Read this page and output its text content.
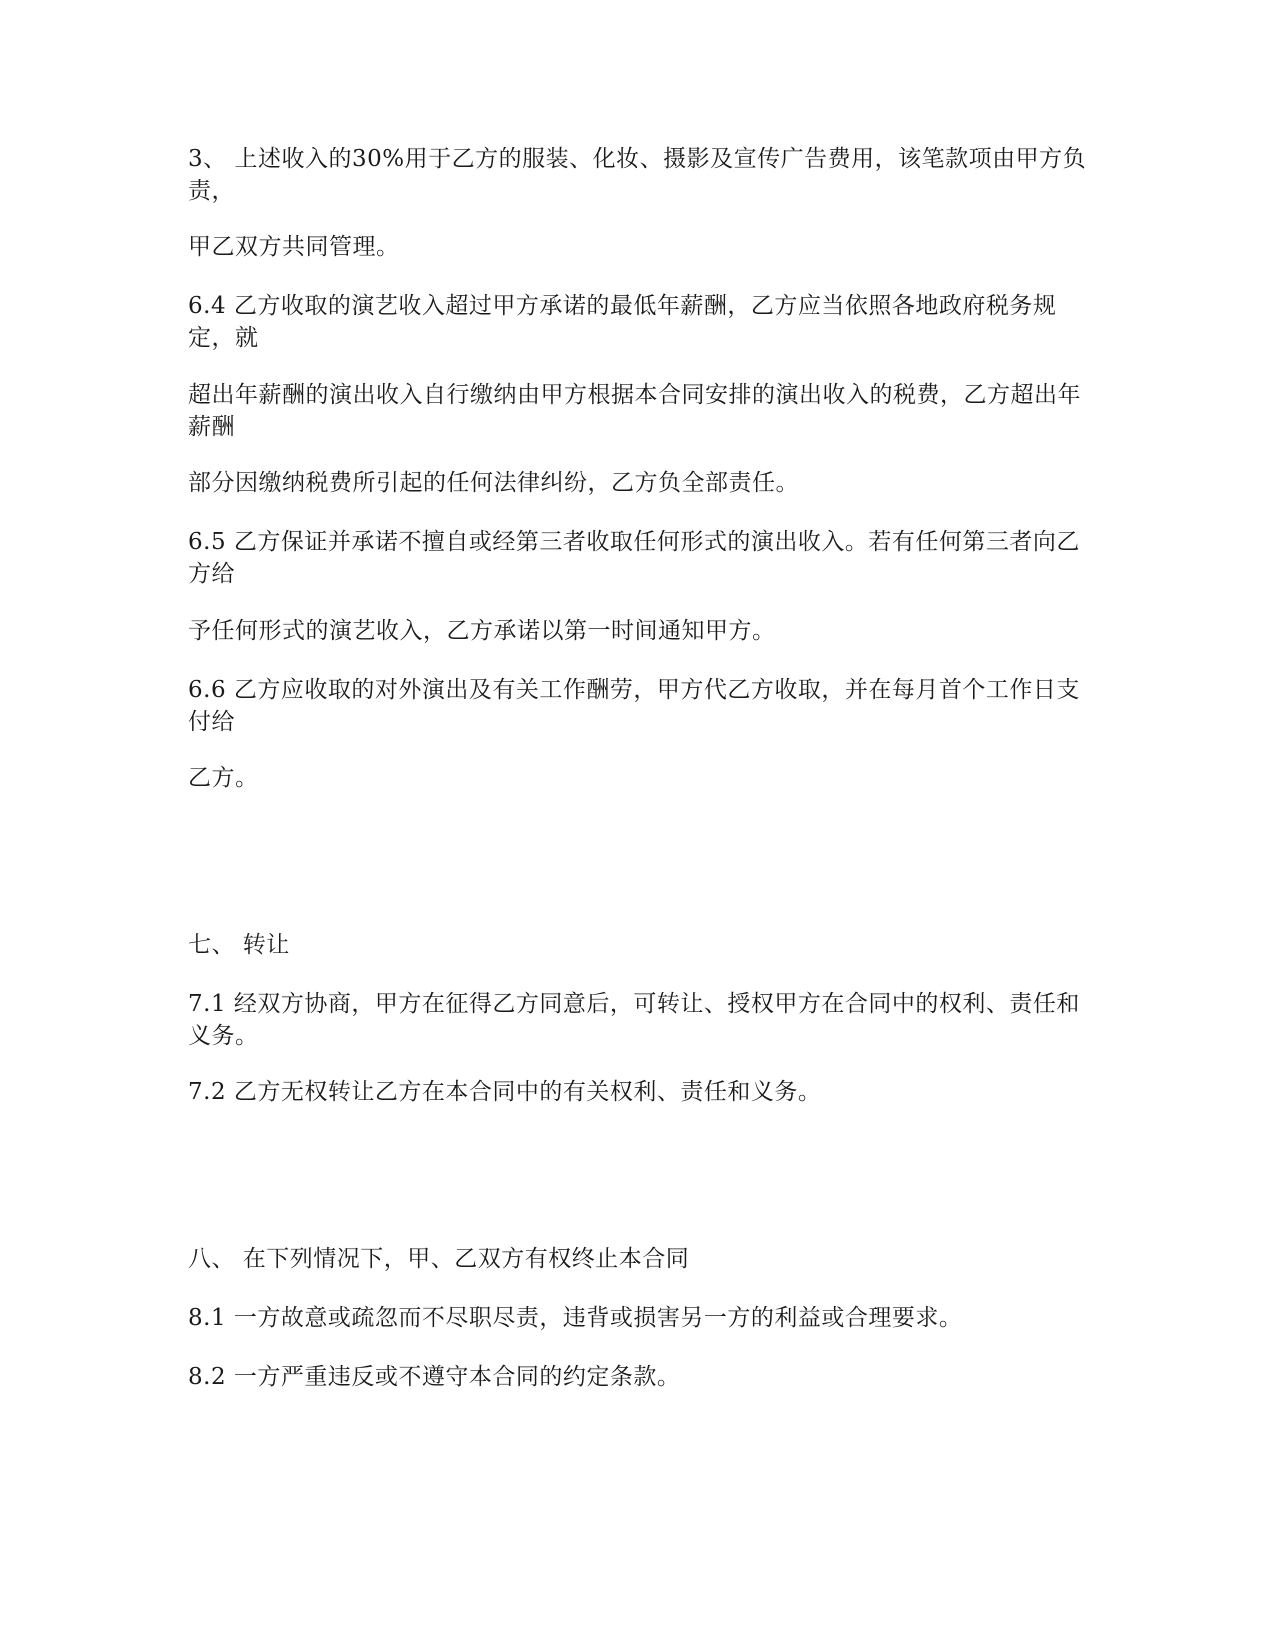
3、 上述收入的30%用于乙方的服装、化妆、摄影及宣传广告费用，该笔款项由甲方负责，

甲乙双方共同管理。

6.4 乙方收取的演艺收入超过甲方承诺的最低年薪酬，乙方应当依照各地政府税务规定，就

超出年薪酬的演出收入自行缴纳由甲方根据本合同安排的演出收入的税费，乙方超出年薪酬

部分因缴纳税费所引起的任何法律纠纷，乙方负全部责任。

6.5 乙方保证并承诺不擅自或经第三者收取任何形式的演出收入。若有任何第三者向乙方给

予任何形式的演艺收入，乙方承诺以第一时间通知甲方。

6.6 乙方应收取的对外演出及有关工作酬劳，甲方代乙方收取，并在每月首个工作日支付给

乙方。

七、 转让

7.1 经双方协商，甲方在征得乙方同意后，可转让、授权甲方在合同中的权利、责任和义务。

7.2 乙方无权转让乙方在本合同中的有关权利、责任和义务。

八、 在下列情况下，甲、乙双方有权终止本合同

8.1 一方故意或疏忽而不尽职尽责，违背或损害另一方的利益或合理要求。

8.2 一方严重违反或不遵守本合同的约定条款。
